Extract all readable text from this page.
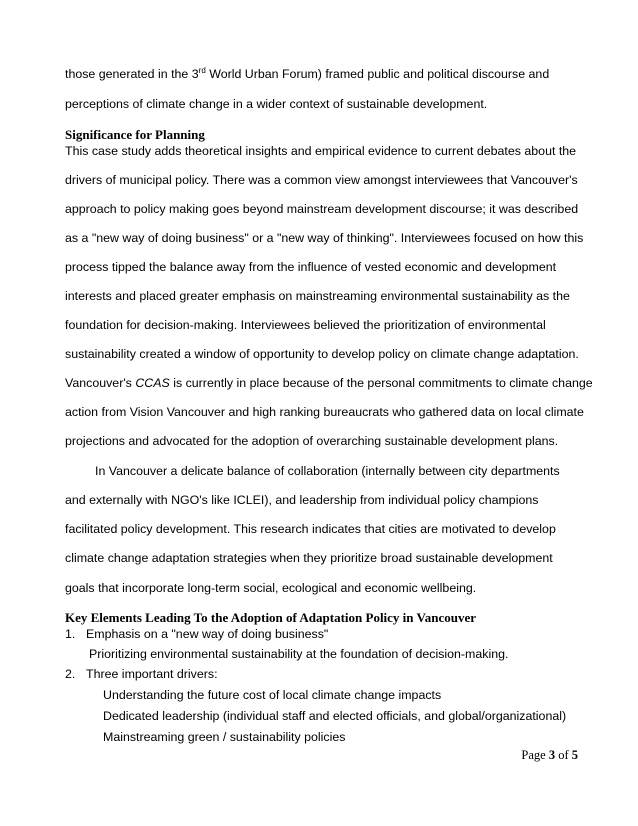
those generated in the 3rd World Urban Forum) framed public and political discourse and
perceptions of climate change in a wider context of sustainable development.
Significance for Planning
This case study adds theoretical insights and empirical evidence to current debates about the
drivers of municipal policy. There was a common view amongst interviewees that Vancouver's
approach to policy making goes beyond mainstream development discourse; it was described
as a "new way of doing business" or a "new way of thinking". Interviewees focused on how this
process tipped the balance away from the influence of vested economic and development
interests and placed greater emphasis on mainstreaming environmental sustainability as the
foundation for decision-making. Interviewees believed the prioritization of environmental
sustainability created a window of opportunity to develop policy on climate change adaptation.
Vancouver's CCAS is currently in place because of the personal commitments to climate change
action from Vision Vancouver and high ranking bureaucrats who gathered data on local climate
projections and advocated for the adoption of overarching sustainable development plans.
In Vancouver a delicate balance of collaboration (internally between city departments
and externally with NGO's like ICLEI), and leadership from individual policy champions
facilitated policy development. This research indicates that cities are motivated to develop
climate change adaptation strategies when they prioritize broad sustainable development
goals that incorporate long-term social, ecological and economic wellbeing.
Key Elements Leading To the Adoption of Adaptation Policy in Vancouver
1. Emphasis on a "new way of doing business"
Prioritizing environmental sustainability at the foundation of decision-making.
2. Three important drivers:
Understanding the future cost of local climate change impacts
Dedicated leadership (individual staff and elected officials, and global/organizational)
Mainstreaming green / sustainability policies
Page 3 of 5
